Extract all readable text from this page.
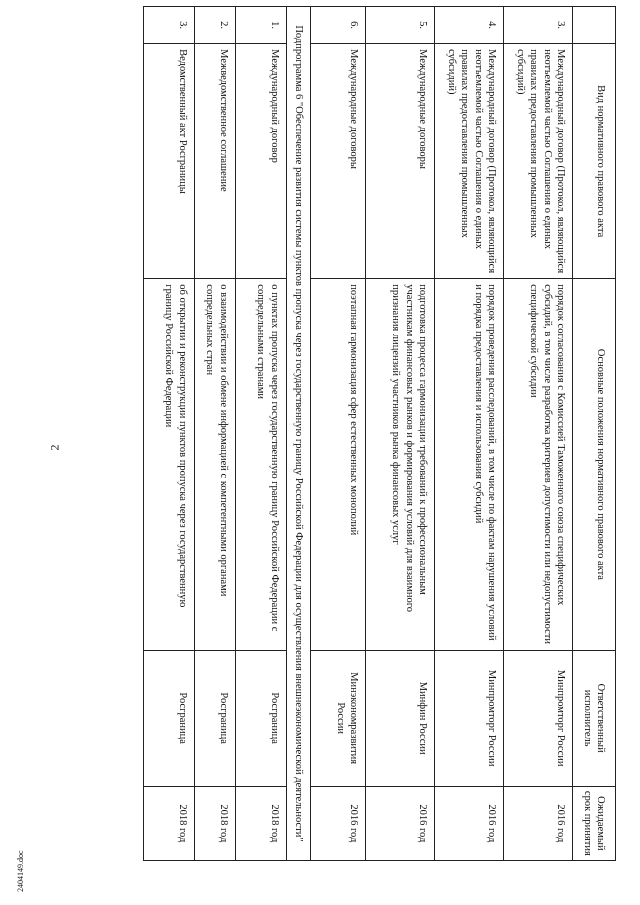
2
	Вид нормативного правового акта	Основные положения нормативного правового акта	Ответственный исполнитель	Ожидаемый срок принятия
3.	Международный договор (Протокол, являющийся неотъемлемой частью Соглашения о единых правилах предоставления промышленных субсидий)	порядок согласования с Комиссией Таможенного союза специфических субсидий, в том числе разработка критериев допустимости или недопустимости специфической субсидии	Минпромторг России	2016 год
4.	Международный договор (Протокол, являющийся неотъемлемой частью Соглашения о единых правилах предоставления промышленных субсидий)	порядок проведения расследований, в том числе по фактам нарушения условий и порядка предоставления и использования субсидий	Минпромторг России	2016 год
5.	Международные договоры	подготовка процесса гармонизации требований к профессиональным участникам финансовых рынков и формирования условий для взаимного признания лицензий участников рынка финансовых услуг	Минфин России	2016 год
6.	Международные договоры	поэтапная гармонизация сфер естественных монополий	Минэкономразвития России	2016 год
Подпрограмма 6 "Обеспечение развития системы пунктов пропуска через государственную границу Российской Федерации для осуществления внешнеэкономической деятельности"				
1.	Международный договор	о пунктах пропуска через государственную границу Российской Федерации с сопредельными странами	Росграница	2018 год
2.	Межведомственное соглашение	о взаимодействии и обмене информацией с компетентными органами сопредельных стран	Росграница	2018 год
3.	Ведомственный акт Росграницы	об открытии и реконструкции пунктов пропуска через государственную границу Российской Федерации	Росграница	2018 год
2404149.doc
